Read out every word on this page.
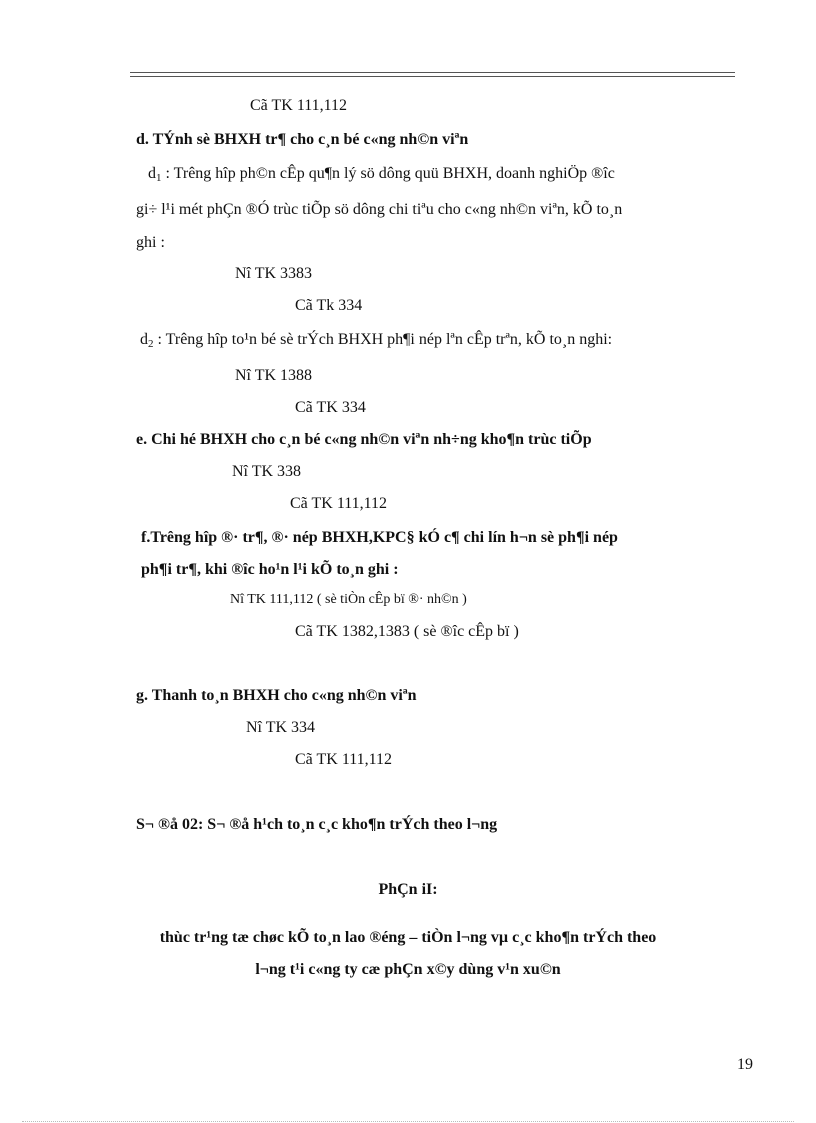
Cã TK 111,112
d. TÝnh sè BHXH tr¶ cho c¸n bé c«ng nh©n viªn
$d_1$ : Trêng hîp ph©n cÊp qu¶n lý sö dông quü BHXH, doanh nghiÖp ®îc
gi÷ l¹i mét phÇn ®Ó trùc tiÕp sö dông chi tiªu cho c«ng nh©n viªn, kÕ to¸n
ghi :
Nî TK 3383
Cã Tk 334
$d_2$ : Trêng hîp to¹n bé sè trÝch BHXH ph¶i nép lªn cÊp trªn, kÕ to¸n nghi:
Nî TK 1388
Cã TK 334
e. Chi hé BHXH cho c¸n bé c«ng nh©n viªn nh÷ng kho¶n trùc tiÕp
Nî TK 338
Cã TK 111,112
f.Trêng hîp ®· tr¶, ®· nép BHXH,KPC§ kÓ c¶ chi lín h¬n sè ph¶i nép
ph¶i tr¶, khi ®îc ho¹n l¹i kÕ to¸n ghi :
Nî TK 111,112 ( sè tiÒn cÊp bï ®· nh©n )
Cã TK 1382,1383 ( sè ®îc cÊp bï )
g. Thanh to¸n BHXH cho c«ng nh©n viªn
Nî TK 334
Cã TK 111,112
S¬ ®å 02: S¬ ®å h¹ch to¸n c¸c kho¶n trÝch theo l¬ng
PhÇn iI:
thùc tr¹ng tæ chøc kÕ to¸n lao ®éng – tiÒn l¬ng vµ c¸c kho¶n trÝch theo
l¬ng t¹i c«ng ty cæ phÇn x©y dùng v¹n xu©n
19
